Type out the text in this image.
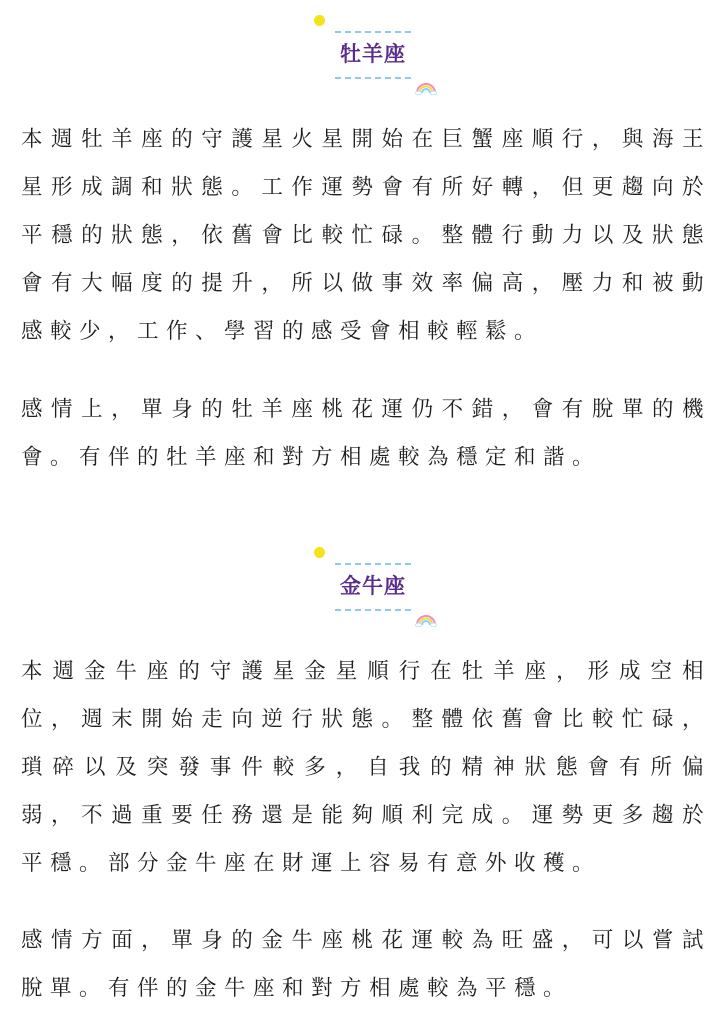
牡羊座

本週牡羊座的守護星火星開始在巨蟹座順行，與海王星形成調和狀態。工作運勢會有所好轉，但更趨向於平穩的狀態，依舊會比較忙碌。整體行動力以及狀態會有大幅度的提升，所以做事效率偏高，壓力和被動感較少，工作、學習的感受會相較輕鬆。

感情上，單身的牡羊座桃花運仍不錯，會有脫單的機會。有伴的牡羊座和對方相處較為穩定和諧。

金牛座

本週金牛座的守護星金星順行在牡羊座，形成空相位，週末開始走向逆行狀態。整體依舊會比較忙碌，瑣碎以及突發事件較多，自我的精神狀態會有所偏弱，不過重要任務還是能夠順利完成。運勢更多趨於平穩。部分金牛座在財運上容易有意外收穫。

感情方面，單身的金牛座桃花運較為旺盛，可以嘗試脫單。有伴的金牛座和對方相處較為平穩。
